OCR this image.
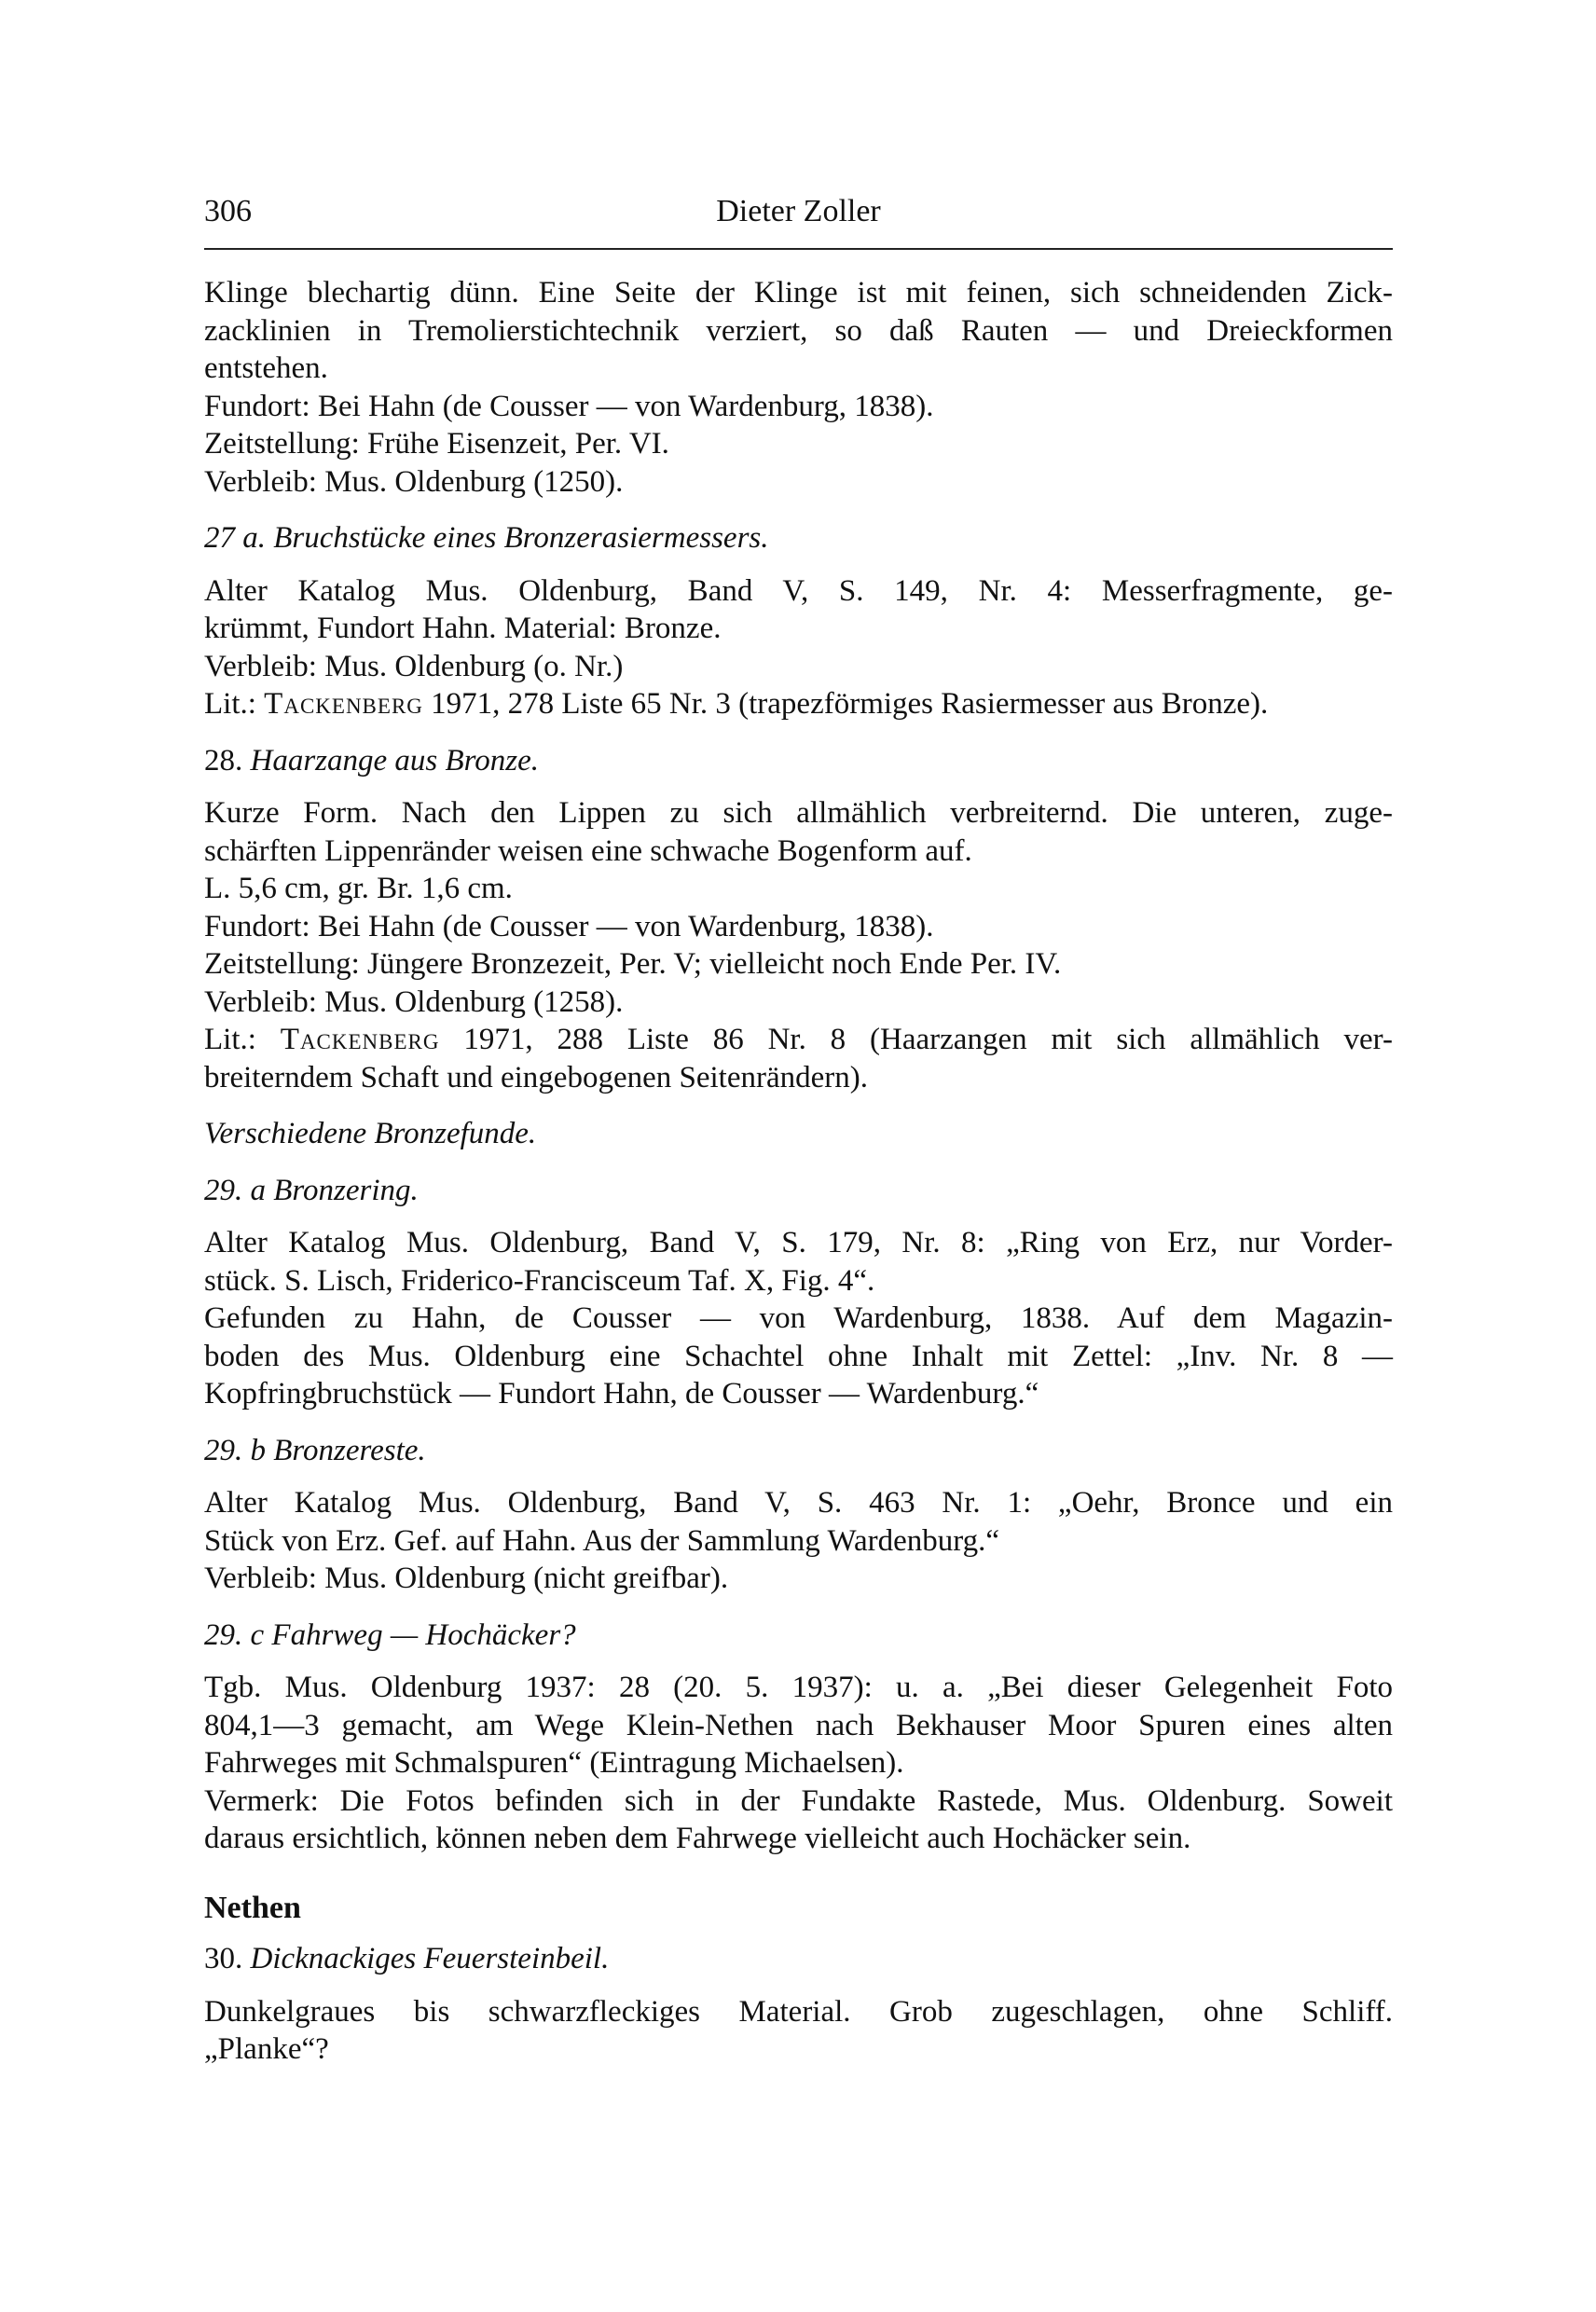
306	Dieter Zoller
Klinge blechartig dünn. Eine Seite der Klinge ist mit feinen, sich schneidenden Zick-
zacklinien in Tremolierstichtechnik verziert, so daß Rauten — und Dreieckformen
entstehen.
Fundort: Bei Hahn (de Cousser — von Wardenburg, 1838).
Zeitstellung: Frühe Eisenzeit, Per. VI.
Verbleib: Mus. Oldenburg (1250).

27 a. Bruchstücke eines Bronzerasiermessers.

Alter Katalog Mus. Oldenburg, Band V, S. 149, Nr. 4: Messerfragmente, ge-
krümmt, Fundort Hahn. Material: Bronze.
Verbleib: Mus. Oldenburg (o. Nr.)
Lit.: Tackenberg 1971, 278 Liste 65 Nr. 3 (trapezförmiges Rasiermesser aus Bronze).

28. Haarzange aus Bronze.

Kurze Form. Nach den Lippen zu sich allmählich verbreiternd. Die unteren, zuge-
schärften Lippenränder weisen eine schwache Bogenform auf.
L. 5,6 cm, gr. Br. 1,6 cm.
Fundort: Bei Hahn (de Cousser — von Wardenburg, 1838).
Zeitstellung: Jüngere Bronzezeit, Per. V; vielleicht noch Ende Per. IV.
Verbleib: Mus. Oldenburg (1258).
Lit.: Tackenberg 1971, 288 Liste 86 Nr. 8 (Haarzangen mit sich allmählich ver-
breiterndem Schaft und eingebogenen Seitenrändern).

Verschiedene Bronzefunde.

29. a Bronzering.

Alter Katalog Mus. Oldenburg, Band V, S. 179, Nr. 8: „Ring von Erz, nur Vorder-
stück. S. Lisch, Friderico-Francisceum Taf. X, Fig. 4“.
Gefunden zu Hahn, de Cousser — von Wardenburg, 1838. Auf dem Magazin-
boden des Mus. Oldenburg eine Schachtel ohne Inhalt mit Zettel: „Inv. Nr. 8 —
Kopfringbruchstück — Fundort Hahn, de Cousser — Wardenburg.“

29. b Bronzereste.

Alter Katalog Mus. Oldenburg, Band V, S. 463 Nr. 1: „Oehr, Bronce und ein
Stück von Erz. Gef. auf Hahn. Aus der Sammlung Wardenburg.“
Verbleib: Mus. Oldenburg (nicht greifbar).

29. c Fahrweg — Hochäcker?

Tgb. Mus. Oldenburg 1937: 28 (20. 5. 1937): u. a. „Bei dieser Gelegenheit Foto
804,1—3 gemacht, am Wege Klein-Nethen nach Bekhauser Moor Spuren eines alten
Fahrweges mit Schmalspuren“ (Eintragung Michaelsen).
Vermerk: Die Fotos befinden sich in der Fundakte Rastede, Mus. Oldenburg. Soweit
daraus ersichtlich, können neben dem Fahrwege vielleicht auch Hochäcker sein.

Nethen

30. Dicknackiges Feuersteinbeil.

Dunkelgraues bis schwarzfleckiges Material. Grob zugeschlagen, ohne Schliff.
„Planke“?
